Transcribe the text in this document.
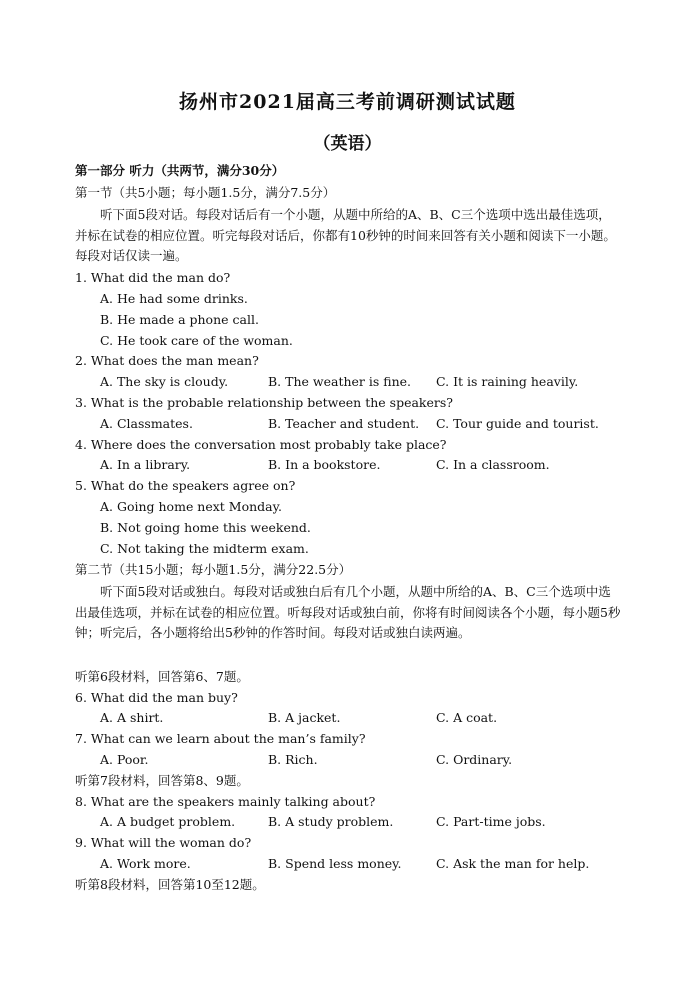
扬州市2021届高三考前调研测试试题
（英语）
第一部分 听力（共两节，满分30分）
第一节（共5小题；每小题1.5分，满分7.5分）
听下面5段对话。每段对话后有一个小题，从题中所给的A、B、C三个选项中选出最佳选项，并标在试卷的相应位置。听完每段对话后，你都有10秒钟的时间来回答有关小题和阅读下一小题。每段对话仅读一遍。
1. What did the man do?
A. He had some drinks.
B. He made a phone call.
C. He took care of the woman.
2. What does the man mean?
A. The sky is cloudy.	B. The weather is fine. C. It is raining heavily.
3. What is the probable relationship between the speakers?
A. Classmates.	B. Teacher and student. C. Tour guide and tourist.
4. Where does the conversation most probably take place?
A. In a library.	B. In a bookstore.	C. In a classroom.
5. What do the speakers agree on?
A. Going home next Monday.
B. Not going home this weekend.
C. Not taking the midterm exam.
第二节（共15小题；每小题1.5分，满分22.5分）
听下面5段对话或独白。每段对话或独白后有几个小题，从题中所给的A、B、C三个选项中选出最佳选项，并标在试卷的相应位置。听每段对话或独白前，你将有时间阅读各个小题，每小题5秒钟；听完后，各小题将给出5秒钟的作答时间。每段对话或独白读两遍。
听第6段材料，回答第6、7题。
6. What did the man buy?
A. A shirt.	B. A jacket.	C. A coat.
7. What can we learn about the man’s family?
A. Poor.	B. Rich.	C. Ordinary.
听第7段材料，回答第8、9题。
8. What are the speakers mainly talking about?
A. A budget problem.	B. A study problem.	C. Part-time jobs.
9. What will the woman do?
A. Work more.	B. Spend less money.	C. Ask the man for help.
听第8段材料，回答第10至12题。
